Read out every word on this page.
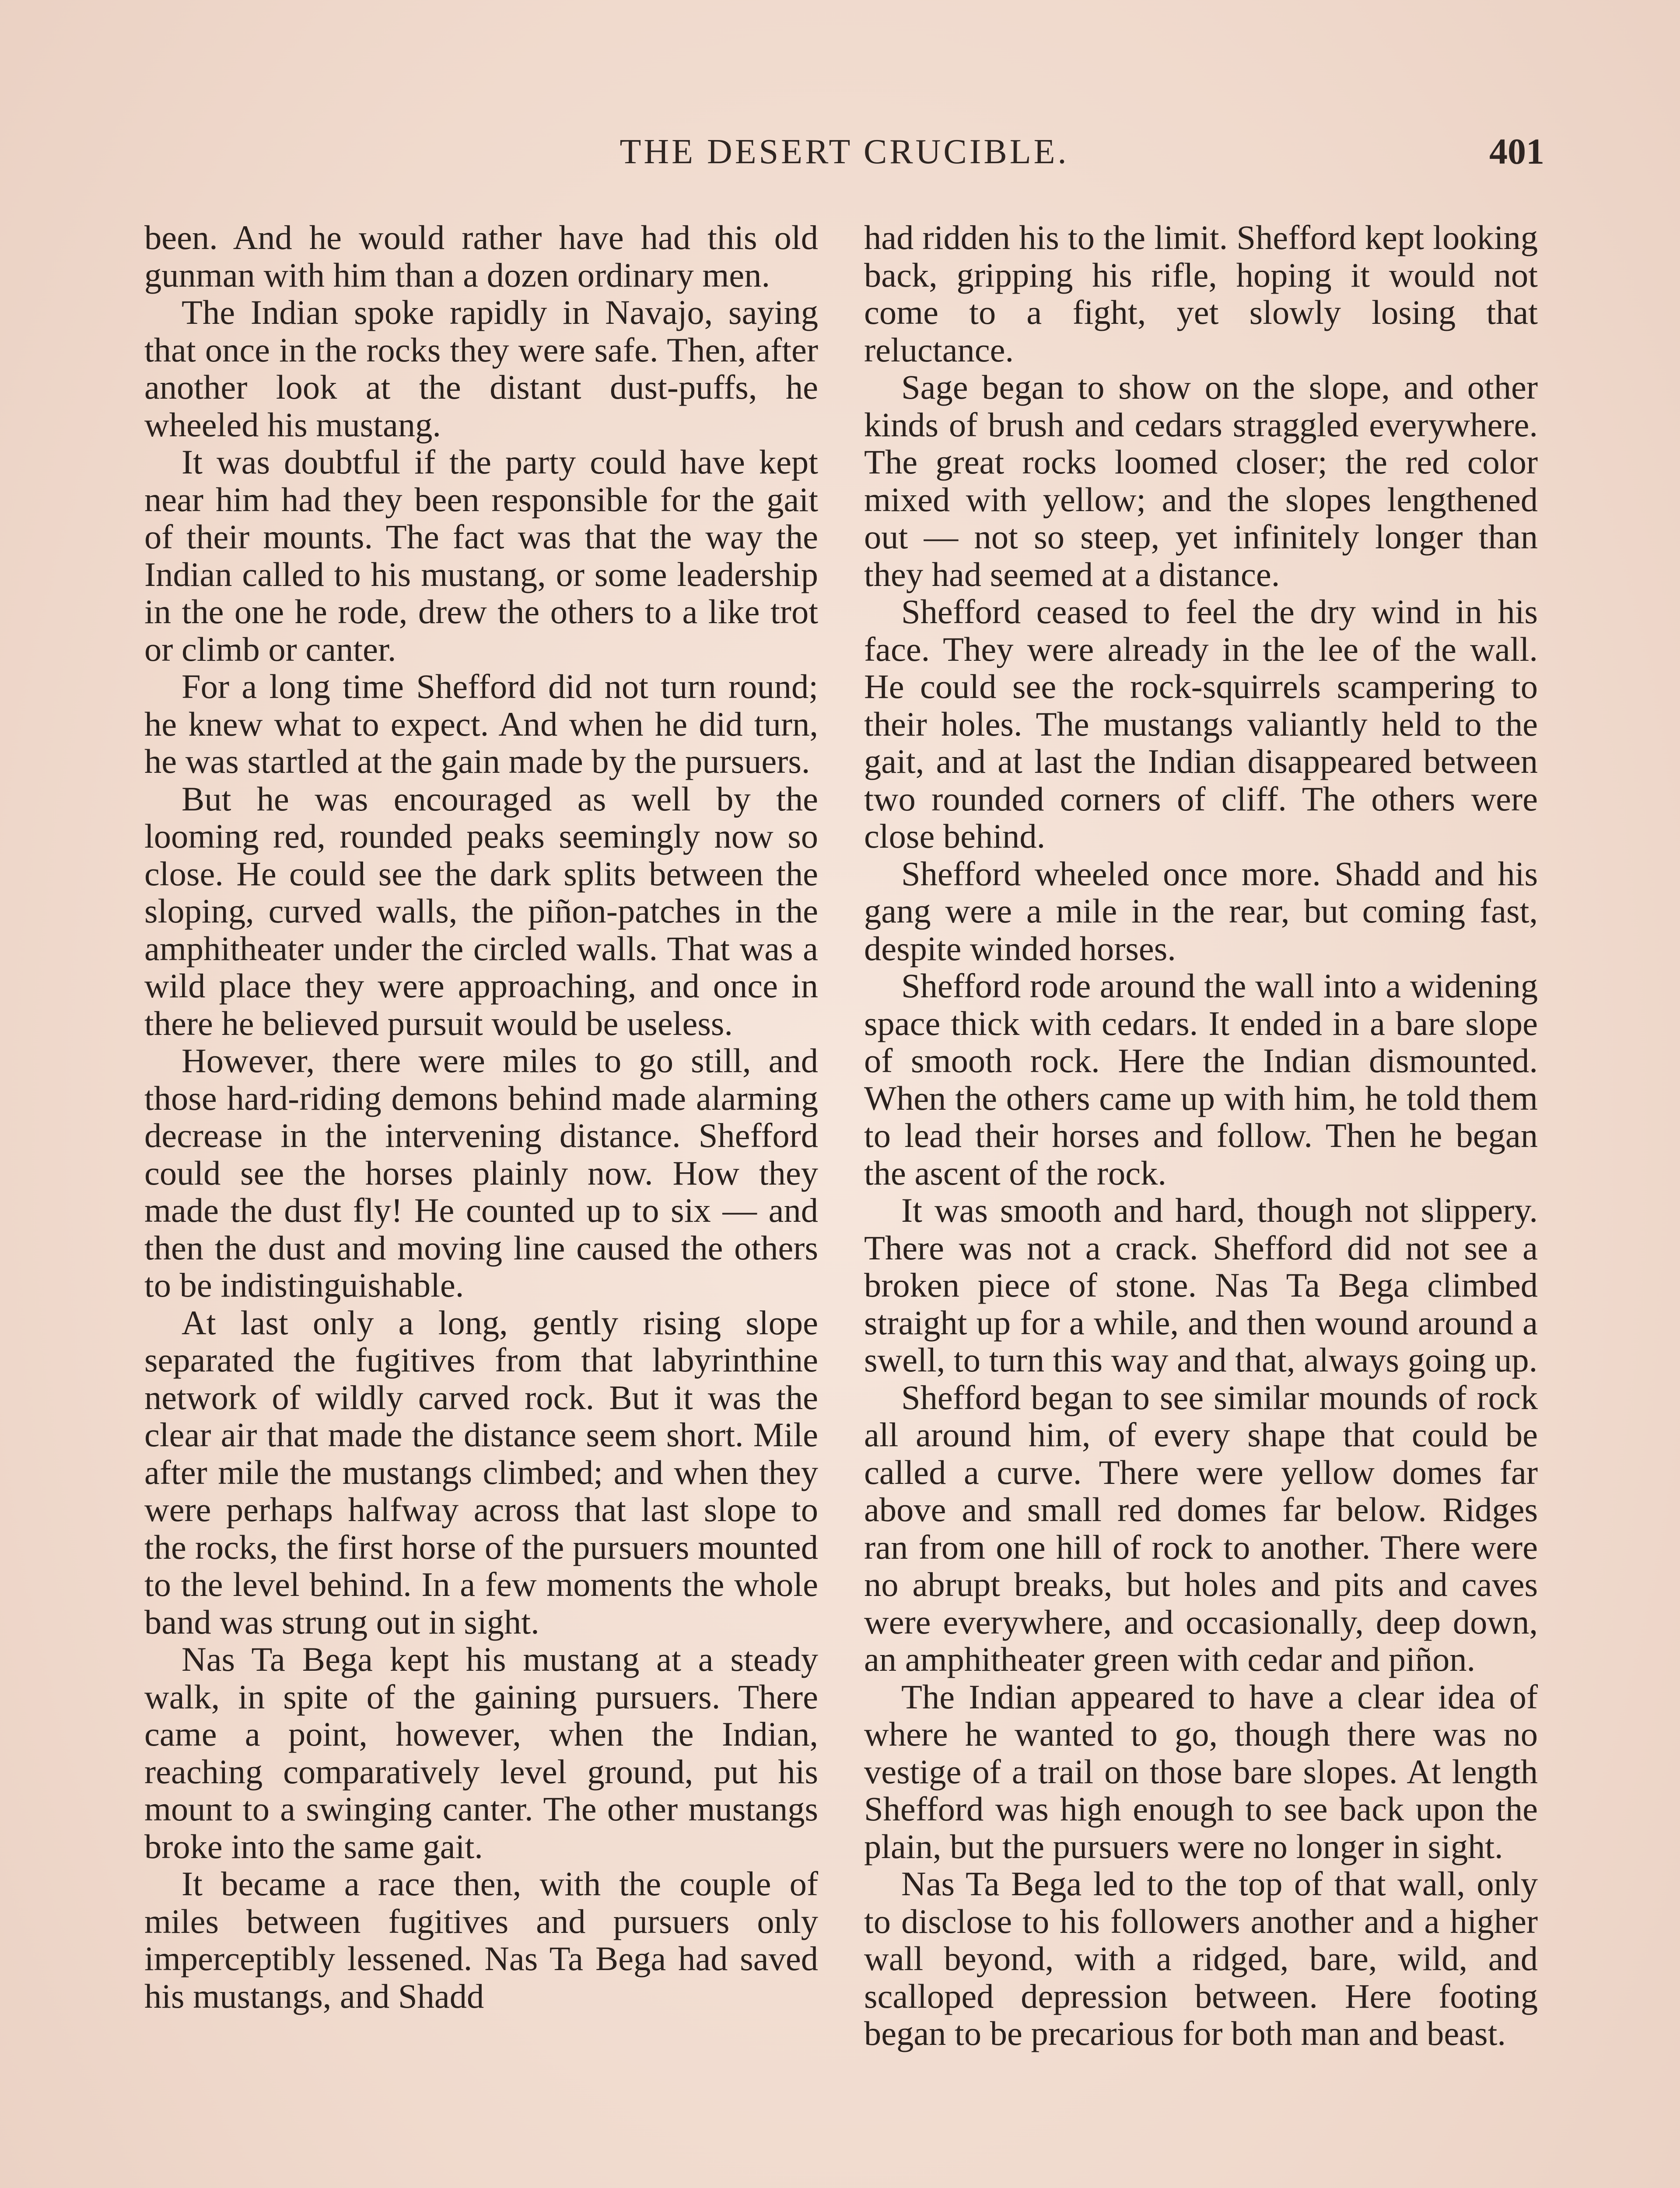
THE DESERT CRUCIBLE.	401

been. And he would rather have had this old gunman with him than a dozen ordinary men.

The Indian spoke rapidly in Navajo, saying that once in the rocks they were safe. Then, after another look at the distant dust-puffs, he wheeled his mustang.

It was doubtful if the party could have kept near him had they been responsible for the gait of their mounts. The fact was that the way the Indian called to his mustang, or some leadership in the one he rode, drew the others to a like trot or climb or canter.

For a long time Shefford did not turn round; he knew what to expect. And when he did turn, he was startled at the gain made by the pursuers.

But he was encouraged as well by the looming red, rounded peaks seemingly now so close. He could see the dark splits between the sloping, curved walls, the piñon-patches in the amphitheater under the circled walls. That was a wild place they were approaching, and once in there he believed pursuit would be useless.

However, there were miles to go still, and those hard-riding demons behind made alarming decrease in the intervening distance. Shefford could see the horses plainly now. How they made the dust fly! He counted up to six — and then the dust and moving line caused the others to be indistinguishable.

At last only a long, gently rising slope separated the fugitives from that labyrinthine network of wildly carved rock. But it was the clear air that made the distance seem short. Mile after mile the mustangs climbed; and when they were perhaps halfway across that last slope to the rocks, the first horse of the pursuers mounted to the level behind. In a few moments the whole band was strung out in sight.

Nas Ta Bega kept his mustang at a steady walk, in spite of the gaining pursuers. There came a point, however, when the Indian, reaching comparatively level ground, put his mount to a swinging canter. The other mustangs broke into the same gait.

It became a race then, with the couple of miles between fugitives and pursuers only imperceptibly lessened. Nas Ta Bega had saved his mustangs, and Shadd

had ridden his to the limit. Shefford kept looking back, gripping his rifle, hoping it would not come to a fight, yet slowly losing that reluctance.

Sage began to show on the slope, and other kinds of brush and cedars straggled everywhere. The great rocks loomed closer; the red color mixed with yellow; and the slopes lengthened out — not so steep, yet infinitely longer than they had seemed at a distance.

Shefford ceased to feel the dry wind in his face. They were already in the lee of the wall. He could see the rock-squirrels scampering to their holes. The mustangs valiantly held to the gait, and at last the Indian disappeared between two rounded corners of cliff. The others were close behind.

Shefford wheeled once more. Shadd and his gang were a mile in the rear, but coming fast, despite winded horses.

Shefford rode around the wall into a widening space thick with cedars. It ended in a bare slope of smooth rock. Here the Indian dismounted. When the others came up with him, he told them to lead their horses and follow. Then he began the ascent of the rock.

It was smooth and hard, though not slippery. There was not a crack. Shefford did not see a broken piece of stone. Nas Ta Bega climbed straight up for a while, and then wound around a swell, to turn this way and that, always going up.

Shefford began to see similar mounds of rock all around him, of every shape that could be called a curve. There were yellow domes far above and small red domes far below. Ridges ran from one hill of rock to another. There were no abrupt breaks, but holes and pits and caves were everywhere, and occasionally, deep down, an amphitheater green with cedar and piñon.

The Indian appeared to have a clear idea of where he wanted to go, though there was no vestige of a trail on those bare slopes. At length Shefford was high enough to see back upon the plain, but the pursuers were no longer in sight.

Nas Ta Bega led to the top of that wall, only to disclose to his followers another and a higher wall beyond, with a ridged, bare, wild, and scalloped depression between. Here footing began to be precarious for both man and beast.
